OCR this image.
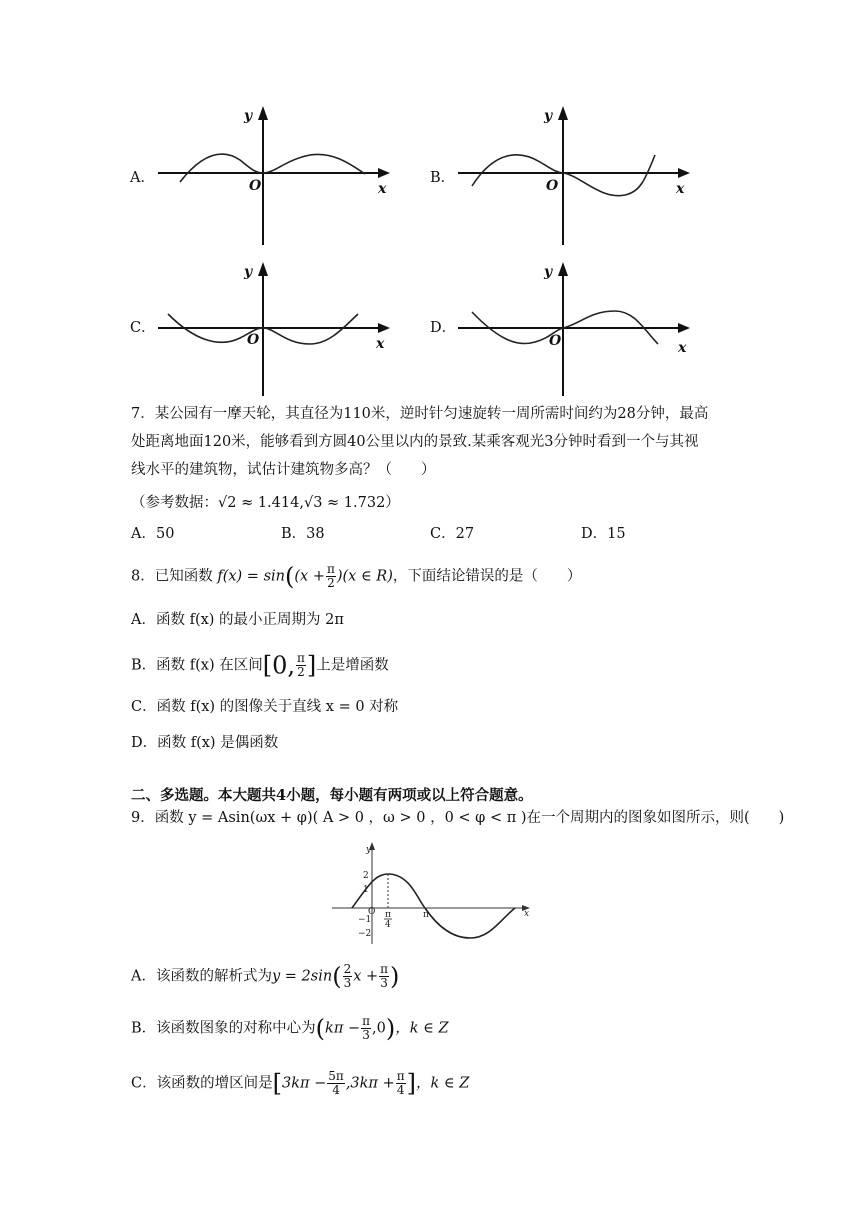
A．
y
O	x
B．
y
O	x
C．
y
O	x
D．
y
O	x
7．某公园有一摩天轮，其直径为110米，逆时针匀速旋转一周所需时间约为28分钟，最高
处距离地面120米，能够看到方圆40公里以内的景致.某乘客观光3分钟时看到一个与其视
线水平的建筑物，试估计建筑物多高？（　　）
（参考数据：√2 ≈ 1.414,√3 ≈ 1.732）
A．50	B．38	C．27	D．15
8．已知函数 $f(x) = \sin((x + \frac{\pi}{2} )(x$ ∈ R)，下面结论错误的是（　　）
A．函数 f(x) 的最小正周期为 2π
B．函数 f(x) 在区间[0, $\frac{\pi}{2}$ ]上是增函数
C．函数 f(x) 的图像关于直线 x = 0 对称
D．函数 f(x) 是偶函数
二、多选题。本大题共4小题，每小题有两项或以上符合题意。
9．函数 y = Asin(ωx + φ)( A > 0 ，ω > 0 ，0 < φ < π )在一个周期内的图象如图所示，则(　　)
y
x
2
1
−1
−2
O π
4
π
A．该函数的解析式为$y = 2\sin( \frac{2}{3}$ $x + \frac{\pi}{3}$ )
B．该函数图象的对称中心为$(k\pi - \frac{\pi}{3} ,0)$，k ∈ Z
C．该函数的增区间是[$3k\pi - \frac{5\pi}{4} ,3k\pi + \frac{\pi}{4}$ ]，k ∈ Z
